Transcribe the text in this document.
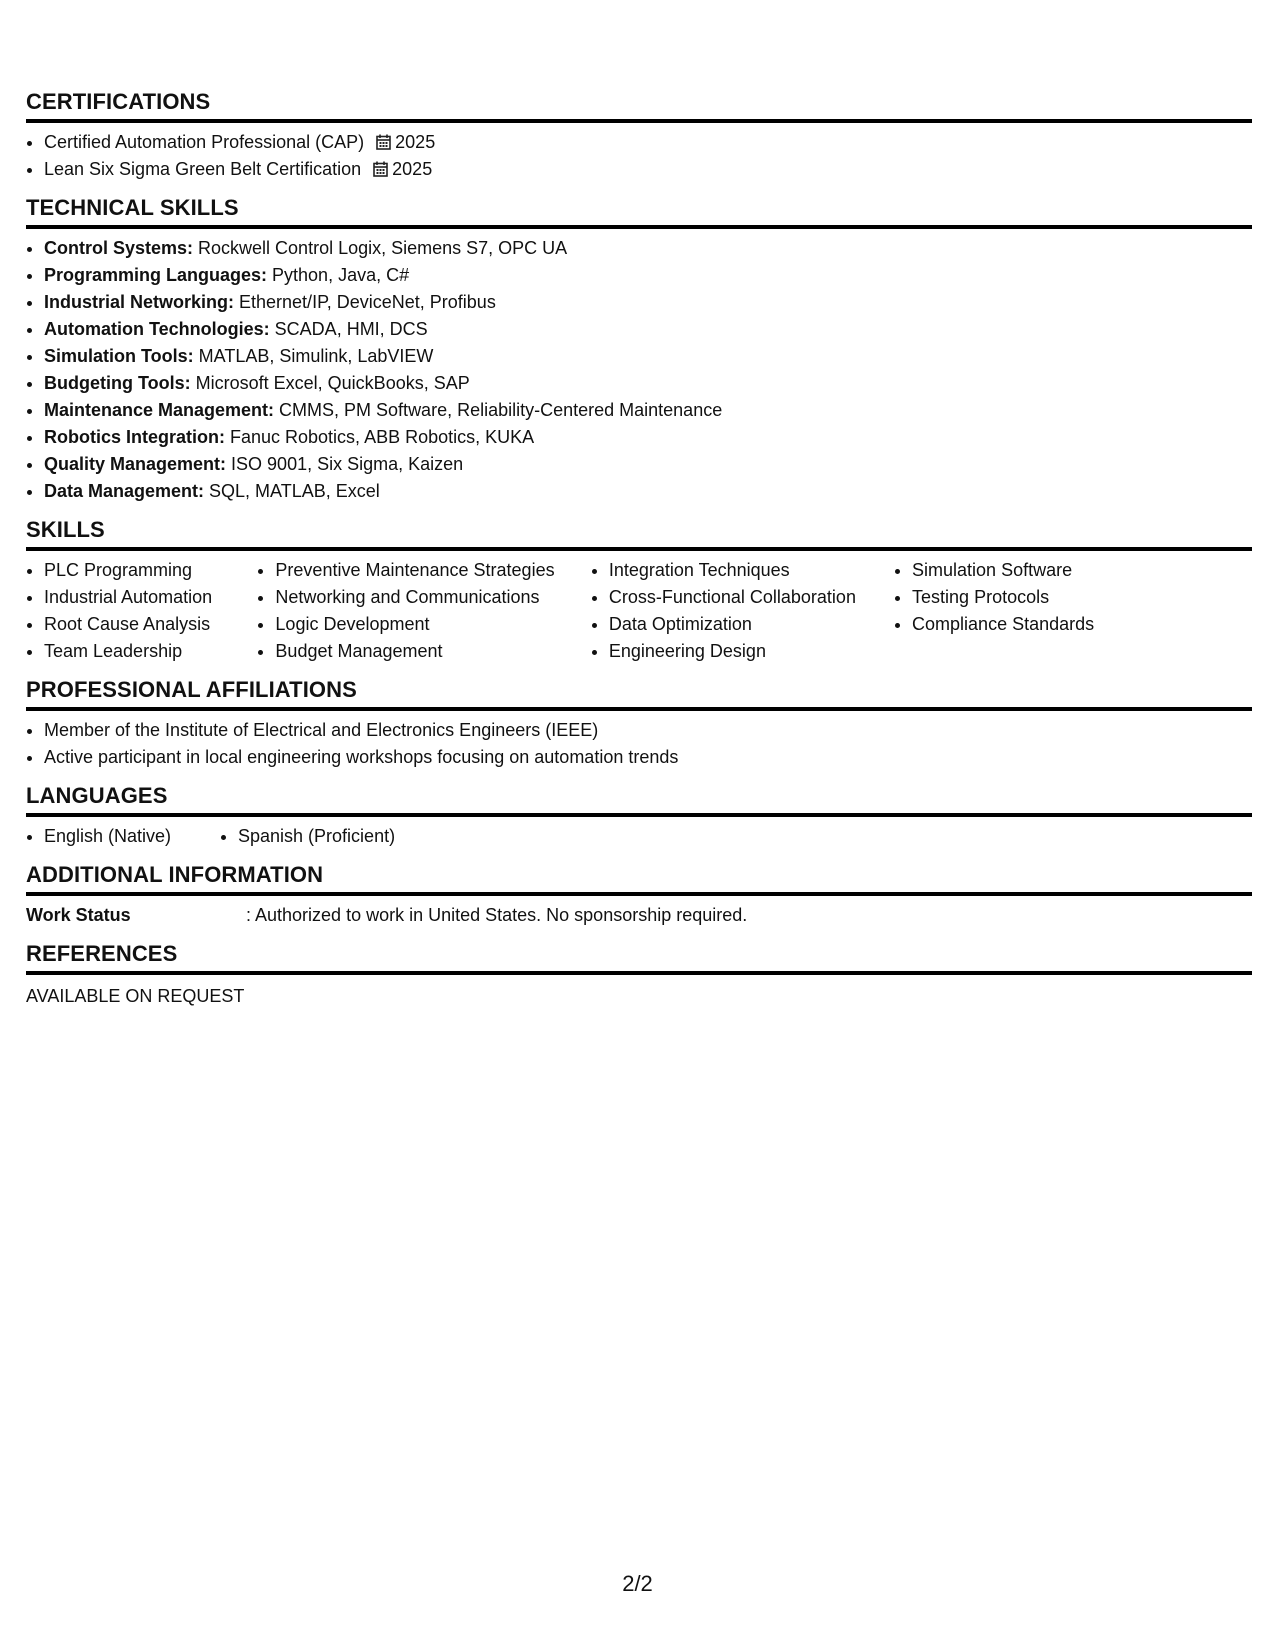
CERTIFICATIONS
• Certified Automation Professional (CAP) 2025
• Lean Six Sigma Green Belt Certification 2025
TECHNICAL SKILLS
• Control Systems: Rockwell Control Logix, Siemens S7, OPC UA
• Programming Languages: Python, Java, C#
• Industrial Networking: Ethernet/IP, DeviceNet, Profibus
• Automation Technologies: SCADA, HMI, DCS
• Simulation Tools: MATLAB, Simulink, LabVIEW
• Budgeting Tools: Microsoft Excel, QuickBooks, SAP
• Maintenance Management: CMMS, PM Software, Reliability-Centered Maintenance
• Robotics Integration: Fanuc Robotics, ABB Robotics, KUKA
• Quality Management: ISO 9001, Six Sigma, Kaizen
• Data Management: SQL, MATLAB, Excel
SKILLS
• PLC Programming
• Industrial Automation
• Root Cause Analysis
• Team Leadership
• Preventive Maintenance Strategies
• Networking and Communications
• Logic Development
• Budget Management
• Integration Techniques
• Cross-Functional Collaboration
• Data Optimization
• Engineering Design
• Simulation Software
• Testing Protocols
• Compliance Standards
PROFESSIONAL AFFILIATIONS
• Member of the Institute of Electrical and Electronics Engineers (IEEE)
• Active participant in local engineering workshops focusing on automation trends
LANGUAGES
• English (Native)
•	Spanish (Proficient)
ADDITIONAL INFORMATION
Work Status	: Authorized to work in United States. No sponsorship required.
REFERENCES
AVAILABLE ON REQUEST
2/2
